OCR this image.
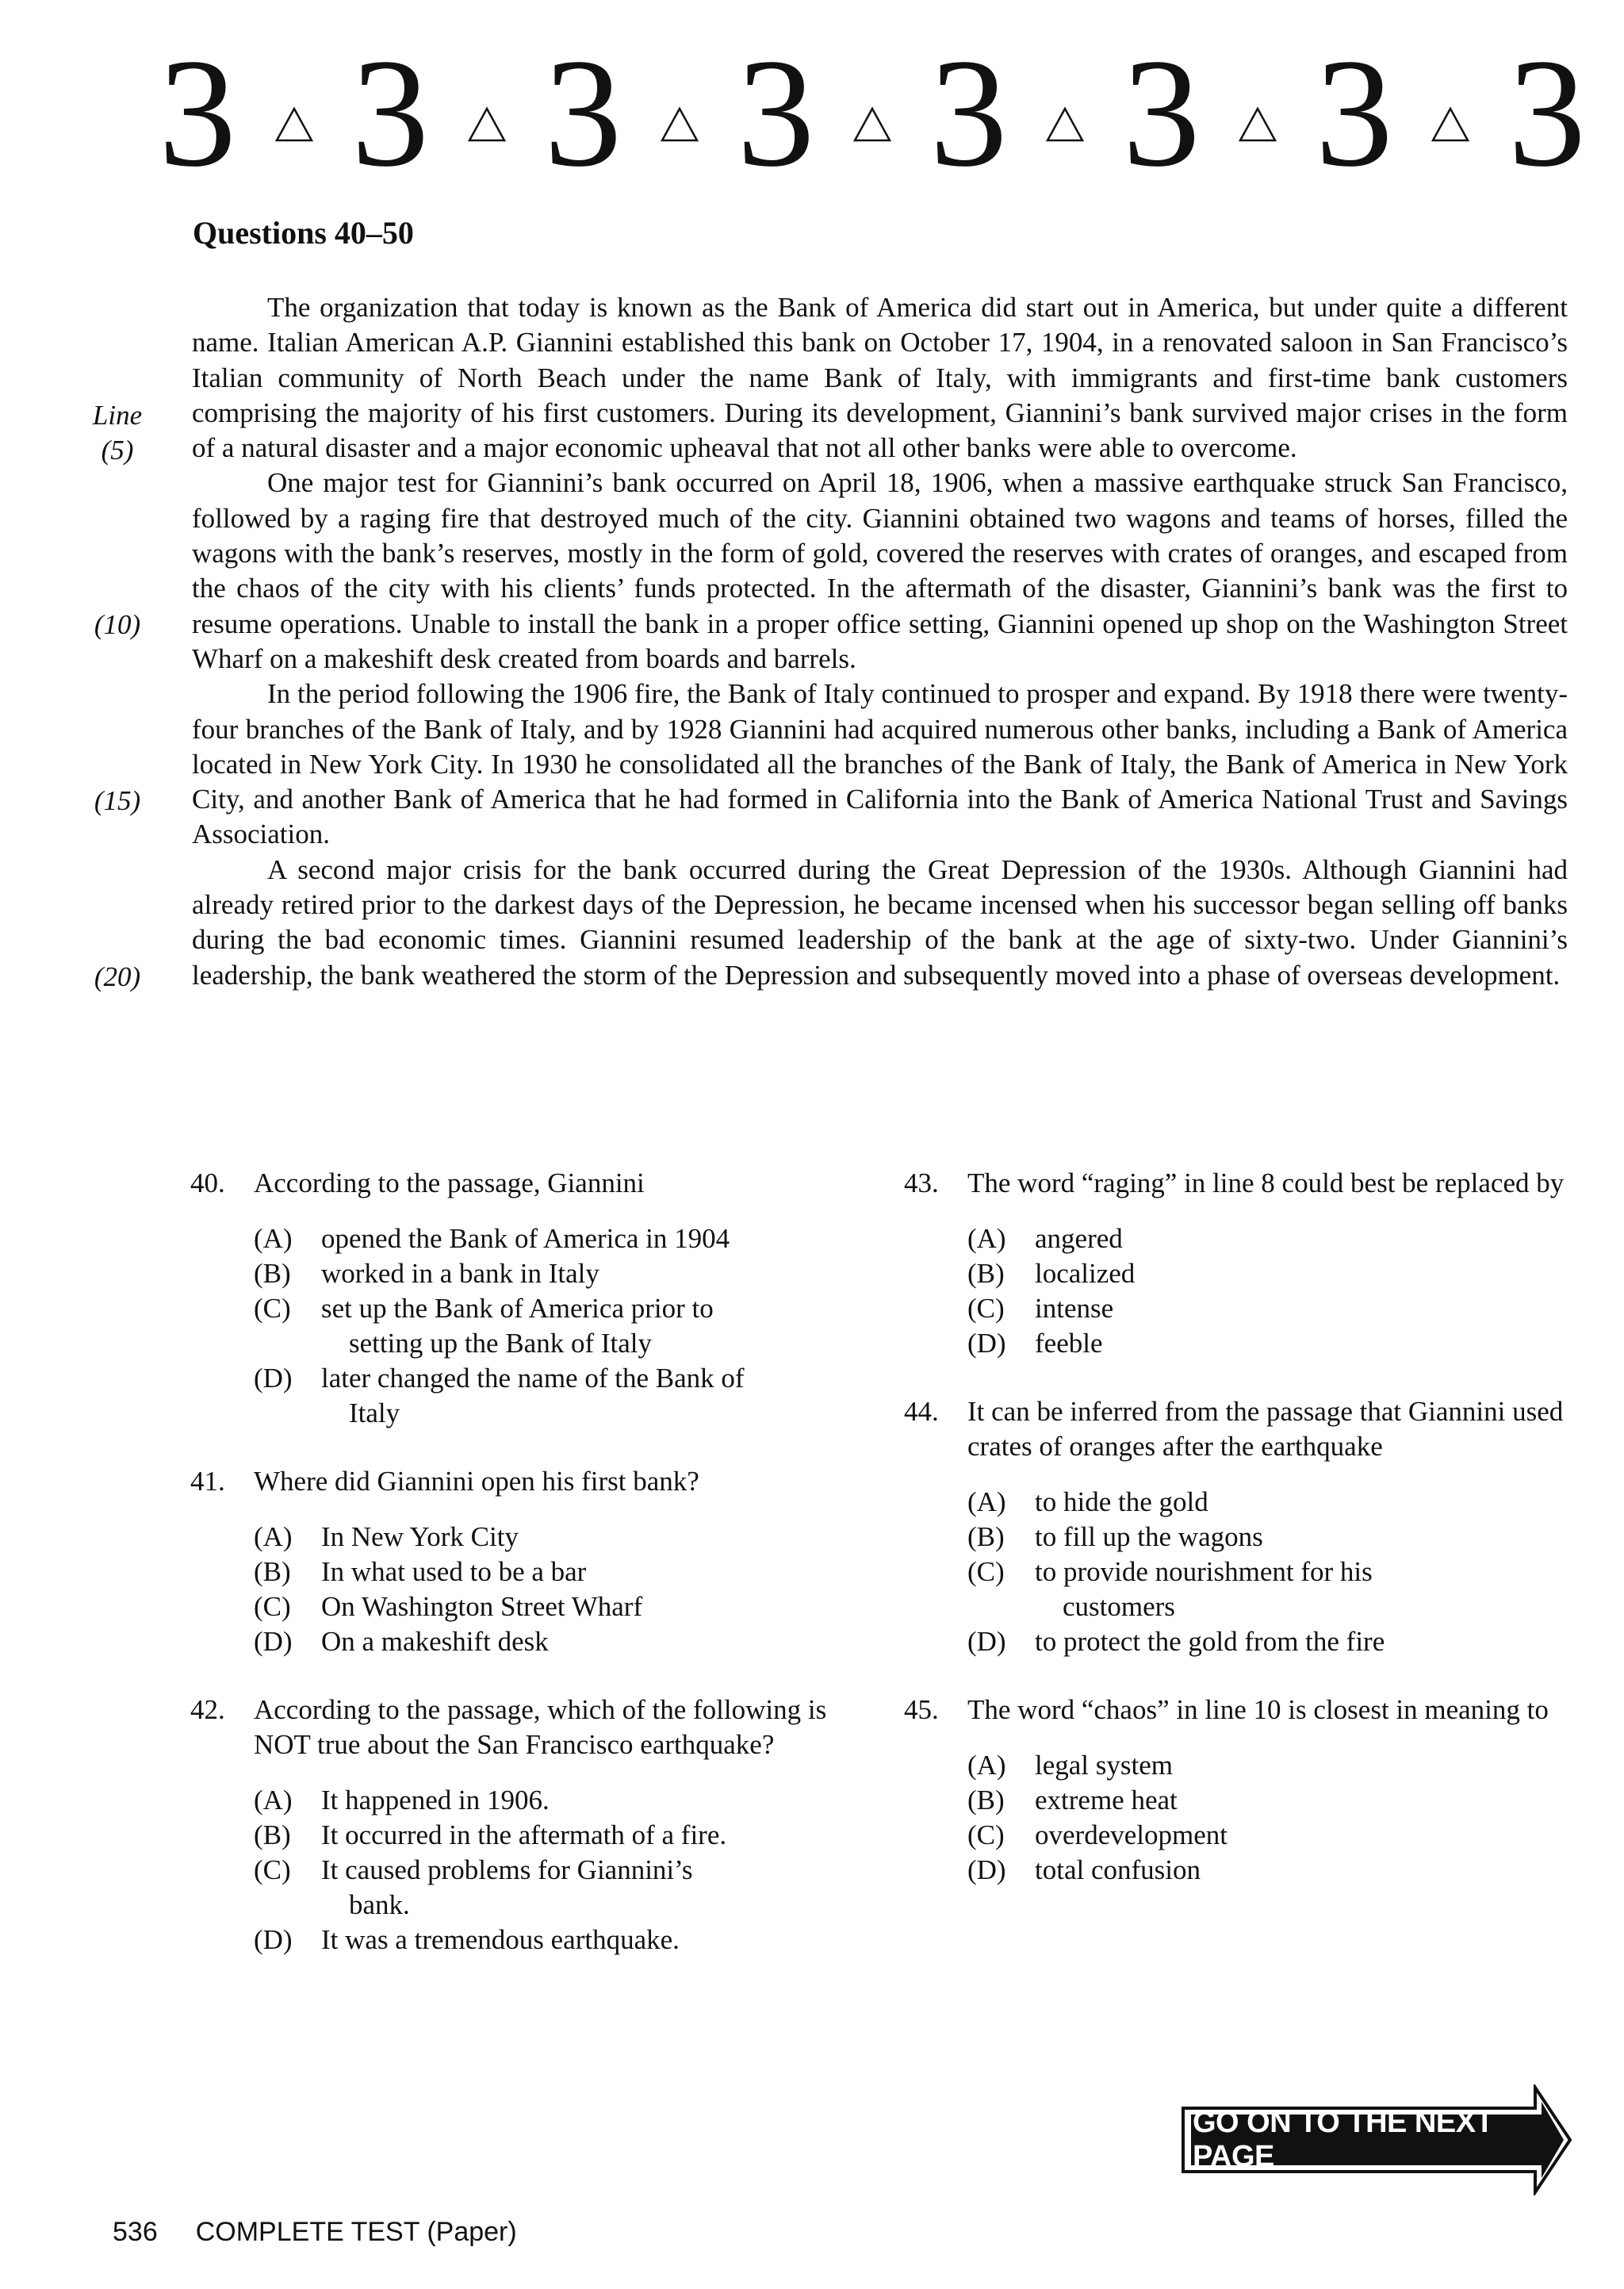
3 3 3 3 3 3 3 3
Questions 40–50
Line
(5)
(10)
(15)
(20)

The organization that today is known as the Bank of America did start out in America, but under quite a different name. Italian American A.P. Giannini established this bank on October 17, 1904, in a renovated saloon in San Francisco’s Italian community of North Beach under the name Bank of Italy, with immigrants and first-time bank customers comprising the majority of his first customers. During its development, Giannini’s bank survived major crises in the form of a natural disaster and a major economic upheaval that not all other banks were able to overcome.

One major test for Giannini’s bank occurred on April 18, 1906, when a massive earthquake struck San Francisco, followed by a raging fire that destroyed much of the city. Giannini obtained two wagons and teams of horses, filled the wagons with the bank’s reserves, mostly in the form of gold, covered the reserves with crates of oranges, and escaped from the chaos of the city with his clients’ funds protected. In the aftermath of the disaster, Giannini’s bank was the first to resume operations. Unable to install the bank in a proper office setting, Giannini opened up shop on the Washington Street Wharf on a makeshift desk created from boards and barrels.

In the period following the 1906 fire, the Bank of Italy continued to prosper and expand. By 1918 there were twenty-four branches of the Bank of Italy, and by 1928 Giannini had acquired numerous other banks, including a Bank of America located in New York City. In 1930 he consolidated all the branches of the Bank of Italy, the Bank of America in New York City, and another Bank of America that he had formed in California into the Bank of America National Trust and Savings Association.

A second major crisis for the bank occurred during the Great Depression of the 1930s. Although Giannini had already retired prior to the darkest days of the Depression, he became incensed when his successor began selling off banks during the bad economic times. Giannini resumed leadership of the bank at the age of sixty-two. Under Giannini’s leadership, the bank weathered the storm of the Depression and subsequently moved into a phase of overseas development.

40.	According to the passage, Giannini
(A) opened the Bank of America in 1904
(B) worked in a bank in Italy
(C) set up the Bank of America prior to
setting up the Bank of Italy
(D) later changed the name of the Bank of
Italy
41.	Where did Giannini open his first bank?
(A) In New York City
(B) In what used to be a bar
(C) On Washington Street Wharf
(D) On a makeshift desk
42.	According to the passage, which of the following is NOT true about the San Francisco earthquake?
(A) It happened in 1906.
(B) It occurred in the aftermath of a fire.
(C) It caused problems for Giannini’s
bank.
(D) It was a tremendous earthquake.
43.	The word “raging” in line 8 could best be replaced by
(A) angered
(B) localized
(C) intense
(D) feeble
44.	It can be inferred from the passage that Giannini used crates of oranges after the earthquake
(A) to hide the gold
(B) to fill up the wagons
(C) to provide nourishment for his
customers
(D) to protect the gold from the fire
45.	The word “chaos” in line 10 is closest in meaning to
(A) legal system
(B) extreme heat
(C) overdevelopment
(D) total confusion
GO ON TO THE NEXT PAGE
536 COMPLETE TEST (Paper)
